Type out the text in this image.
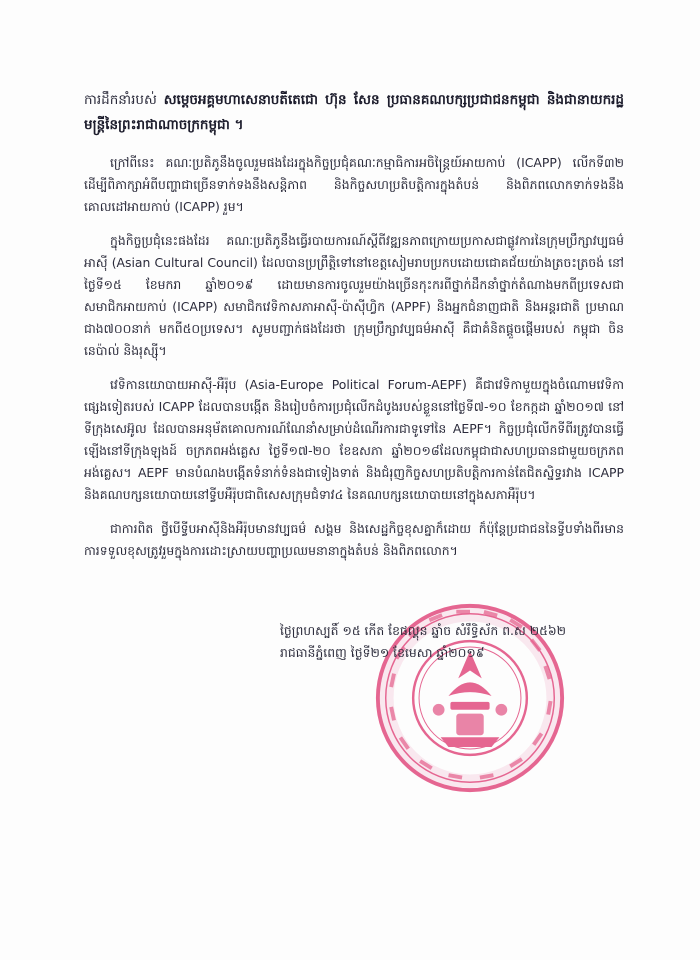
ការដឹកនាំរបស់ សម្តេចអគ្គមហាសេនាបតីតេជោ ហ៊ុន សែន ប្រធានគណបក្សប្រជាជនកម្ពុជា និងជានាយករដ្ឋមន្ត្រីនៃព្រះរាជាណាចក្រកម្ពុជា ។

ក្រៅពីនេះ គណៈប្រតិភូនឹងចូលរួមផងដែរក្នុងកិច្ចប្រជុំគណៈកម្មាធិការអចិន្ត្រៃយ៍អាយកាប់ (ICAPP) លើកទី៣២ ដើម្បីពិភាក្សាអំពីបញ្ហាជាច្រើនទាក់ទងនឹងសន្តិភាព និងកិច្ចសហប្រតិបត្តិការក្នុងតំបន់ និងពិភពលោកទាក់ទងនឹងគោលដៅអាយកាប់ (ICAPP) រួម។

ក្នុងកិច្ចប្រជុំនេះផងដែរ គណៈប្រតិភូនឹងធ្វើរបាយការណ៍ស្តីពីវឌ្ឍនភាពក្រោយប្រកាសជាផ្លូវការនៃក្រុមប្រឹក្សាវប្បធម៌អាស៊ី (Asian Cultural Council) ដែលបានប្រព្រឹត្តិទៅនៅខេត្តសៀមរាបប្រកបដោយជោគជ័យយ៉ាងត្រចះត្រចង់ នៅថ្ងៃទី១៥ ខែមករា ឆ្នាំ២០១៩ ដោយមានការចូលរួមយ៉ាងច្រើនកុះករពីថ្នាក់ដឹកនាំថ្នាក់តំណាងមកពីប្រទេសជាសមាជិកអាយកាប់ (ICAPP) សមាជិកវេទិកាសភាអាស៊ី-ប៉ាស៊ីហ្វិក (APPF) និងអ្នកជំនាញជាតិ និងអន្តរជាតិ ប្រមាណជាង៧០០នាក់ មកពី៥០ប្រទេស។ សូមបញ្ជាក់ផងដែរថា ក្រុមប្រឹក្សាវប្បធម៌អាស៊ី គឺជាគំនិតផ្តួចផ្តើមរបស់ កម្ពុជា ចិន នេប៉ាល់ និងរុស្ស៊ី។

វេទិកានយោបាយអាស៊ី-អឺរ៉ុប (Asia-Europe Political Forum-AEPF) គឺជាវេទិកាមួយក្នុងចំណោមវេទិកាផ្សេងទៀតរបស់ ICAPP ដែលបានបង្កើត និងរៀបចំការប្រជុំលើកដំបូងរបស់ខ្លួននៅថ្ងៃទី៧-១០ ខែកក្កដា ឆ្នាំ២០១៧ នៅទីក្រុងសេអ៊ូល ដែលបានអនុម័តគោលការណ៍ណែនាំសម្រាប់ដំណើរការជាទូទៅនៃ AEPF។ កិច្ចប្រជុំលើកទីពីរត្រូវបានធ្វើឡើងនៅទីក្រុងឡុងដ៍ ចក្រភពអង់គ្លេស ថ្ងៃទី១៧-២០ ខែឧសភា ឆ្នាំ២០១៨ដែលកម្ពុជាជាសហប្រធានជាមួយចក្រភពអង់គ្លេស។ AEPF មានបំណងបង្កើតទំនាក់ទំនងជាទៀងទាត់ និងជំរុញកិច្ចសហប្រតិបត្តិការកាន់តែជិតស្និទ្ធរវាង ICAPP និងគណបក្សនយោបាយនៅទ្វីបអឺរ៉ុបជាពិសេសក្រុមជំទាវ៤ នៃគណបក្សនយោបាយនៅក្នុងសភាអឺរ៉ុប។

ជាការពិត ថ្វីបើទ្វីបអាស៊ីនិងអឺរ៉ុបមានវប្បធម៌ សង្គម និងសេដ្ឋកិច្ចខុសគ្នាក៏ដោយ ក៏ប៉ុន្តែប្រជាជននៃទ្វីបទាំងពីរមានការទទួលខុសត្រូវរួមក្នុងការដោះស្រាយបញ្ហាប្រឈមនានាក្នុងតំបន់ និងពិភពលោក។

ថ្ងៃព្រហស្បតិ៍ ១៥ កើត ខែផល្គុន ឆ្នាំច សំរឹទ្ធិស័ក ព.ស ២៥៦២
រាជធានីភ្នំពេញ ថ្ងៃទី២១ ខែមេសា ឆ្នាំ២០១៩
